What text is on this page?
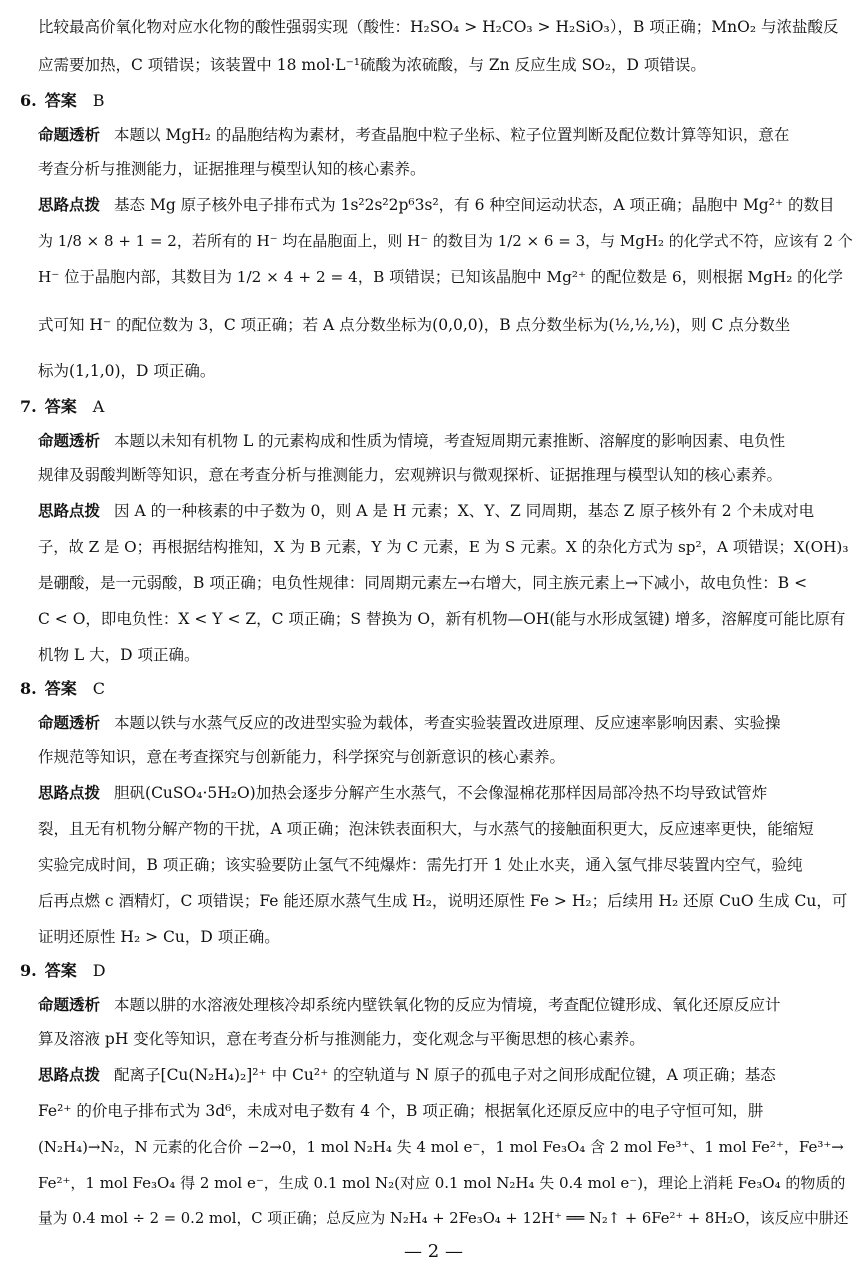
比较最高价氧化物对应水化物的酸性强弱实现（酸性：H₂SO₄ > H₂CO₃ > H₂SiO₃），B 项正确；MnO₂ 与浓盐酸反
应需要加热，C 项错误；该装置中 18 mol·L⁻¹硫酸为浓硫酸，与 Zn 反应生成 SO₂，D 项错误。
6. 答案 B
命题透析 本题以 MgH₂ 的晶胞结构为素材，考查晶胞中粒子坐标、粒子位置判断及配位数计算等知识，意在
考查分析与推测能力，证据推理与模型认知的核心素养。
思路点拨 基态 Mg 原子核外电子排布式为 1s²2s²2p⁶3s²，有 6 种空间运动状态，A 项正确；晶胞中 Mg²⁺ 的数目
为 1/8 × 8 + 1 = 2，若所有的 H⁻ 均在晶胞面上，则 H⁻ 的数目为 1/2 × 6 = 3，与 MgH₂ 的化学式不符，应该有 2 个
H⁻ 位于晶胞内部，其数目为 1/2 × 4 + 2 = 4，B 项错误；已知该晶胞中 Mg²⁺ 的配位数是 6，则根据 MgH₂ 的化学
式可知 H⁻ 的配位数为 3，C 项正确；若 A 点分数坐标为(0,0,0)，B 点分数坐标为(½,½,½)，则 C 点分数坐
标为(1,1,0)，D 项正确。
7. 答案 A
命题透析 本题以未知有机物 L 的元素构成和性质为情境，考查短周期元素推断、溶解度的影响因素、电负性
规律及弱酸判断等知识，意在考查分析与推测能力，宏观辨识与微观探析、证据推理与模型认知的核心素养。
思路点拨 因 A 的一种核素的中子数为 0，则 A 是 H 元素；X、Y、Z 同周期，基态 Z 原子核外有 2 个未成对电
子，故 Z 是 O；再根据结构推知，X 为 B 元素，Y 为 C 元素，E 为 S 元素。X 的杂化方式为 sp²，A 项错误；X(OH)₃
是硼酸，是一元弱酸，B 项正确；电负性规律：同周期元素左→右增大，同主族元素上→下减小，故电负性：B <
C < O，即电负性：X < Y < Z，C 项正确；S 替换为 O，新有机物—OH(能与水形成氢键) 增多，溶解度可能比原有
机物 L 大，D 项正确。
8. 答案 C
命题透析 本题以铁与水蒸气反应的改进型实验为载体，考查实验装置改进原理、反应速率影响因素、实验操
作规范等知识，意在考查探究与创新能力，科学探究与创新意识的核心素养。
思路点拨 胆矾(CuSO₄·5H₂O)加热会逐步分解产生水蒸气，不会像湿棉花那样因局部冷热不均导致试管炸
裂，且无有机物分解产物的干扰，A 项正确；泡沫铁表面积大，与水蒸气的接触面积更大，反应速率更快，能缩短
实验完成时间，B 项正确；该实验要防止氢气不纯爆炸：需先打开 1 处止水夹，通入氢气排尽装置内空气，验纯
后再点燃 c 酒精灯，C 项错误；Fe 能还原水蒸气生成 H₂，说明还原性 Fe > H₂；后续用 H₂ 还原 CuO 生成 Cu，可
证明还原性 H₂ > Cu，D 项正确。
9. 答案 D
命题透析 本题以肼的水溶液处理核冷却系统内壁铁氧化物的反应为情境，考查配位键形成、氧化还原反应计
算及溶液 pH 变化等知识，意在考查分析与推测能力，变化观念与平衡思想的核心素养。
思路点拨 配离子[Cu(N₂H₄)₂]²⁺ 中 Cu²⁺ 的空轨道与 N 原子的孤电子对之间形成配位键，A 项正确；基态
Fe²⁺ 的价电子排布式为 3d⁶，未成对电子数有 4 个，B 项正确；根据氧化还原反应中的电子守恒可知，肼
(N₂H₄)→N₂，N 元素的化合价 −2→0，1 mol N₂H₄ 失 4 mol e⁻，1 mol Fe₃O₄ 含 2 mol Fe³⁺、1 mol Fe²⁺，Fe³⁺→
Fe²⁺，1 mol Fe₃O₄ 得 2 mol e⁻，生成 0.1 mol N₂(对应 0.1 mol N₂H₄ 失 0.4 mol e⁻)，理论上消耗 Fe₃O₄ 的物质的
量为 0.4 mol ÷ 2 = 0.2 mol，C 项正确；总反应为 N₂H₄ + 2Fe₃O₄ + 12H⁺ ══ N₂↑ + 6Fe²⁺ + 8H₂O，该反应中肼还
— 2 —
